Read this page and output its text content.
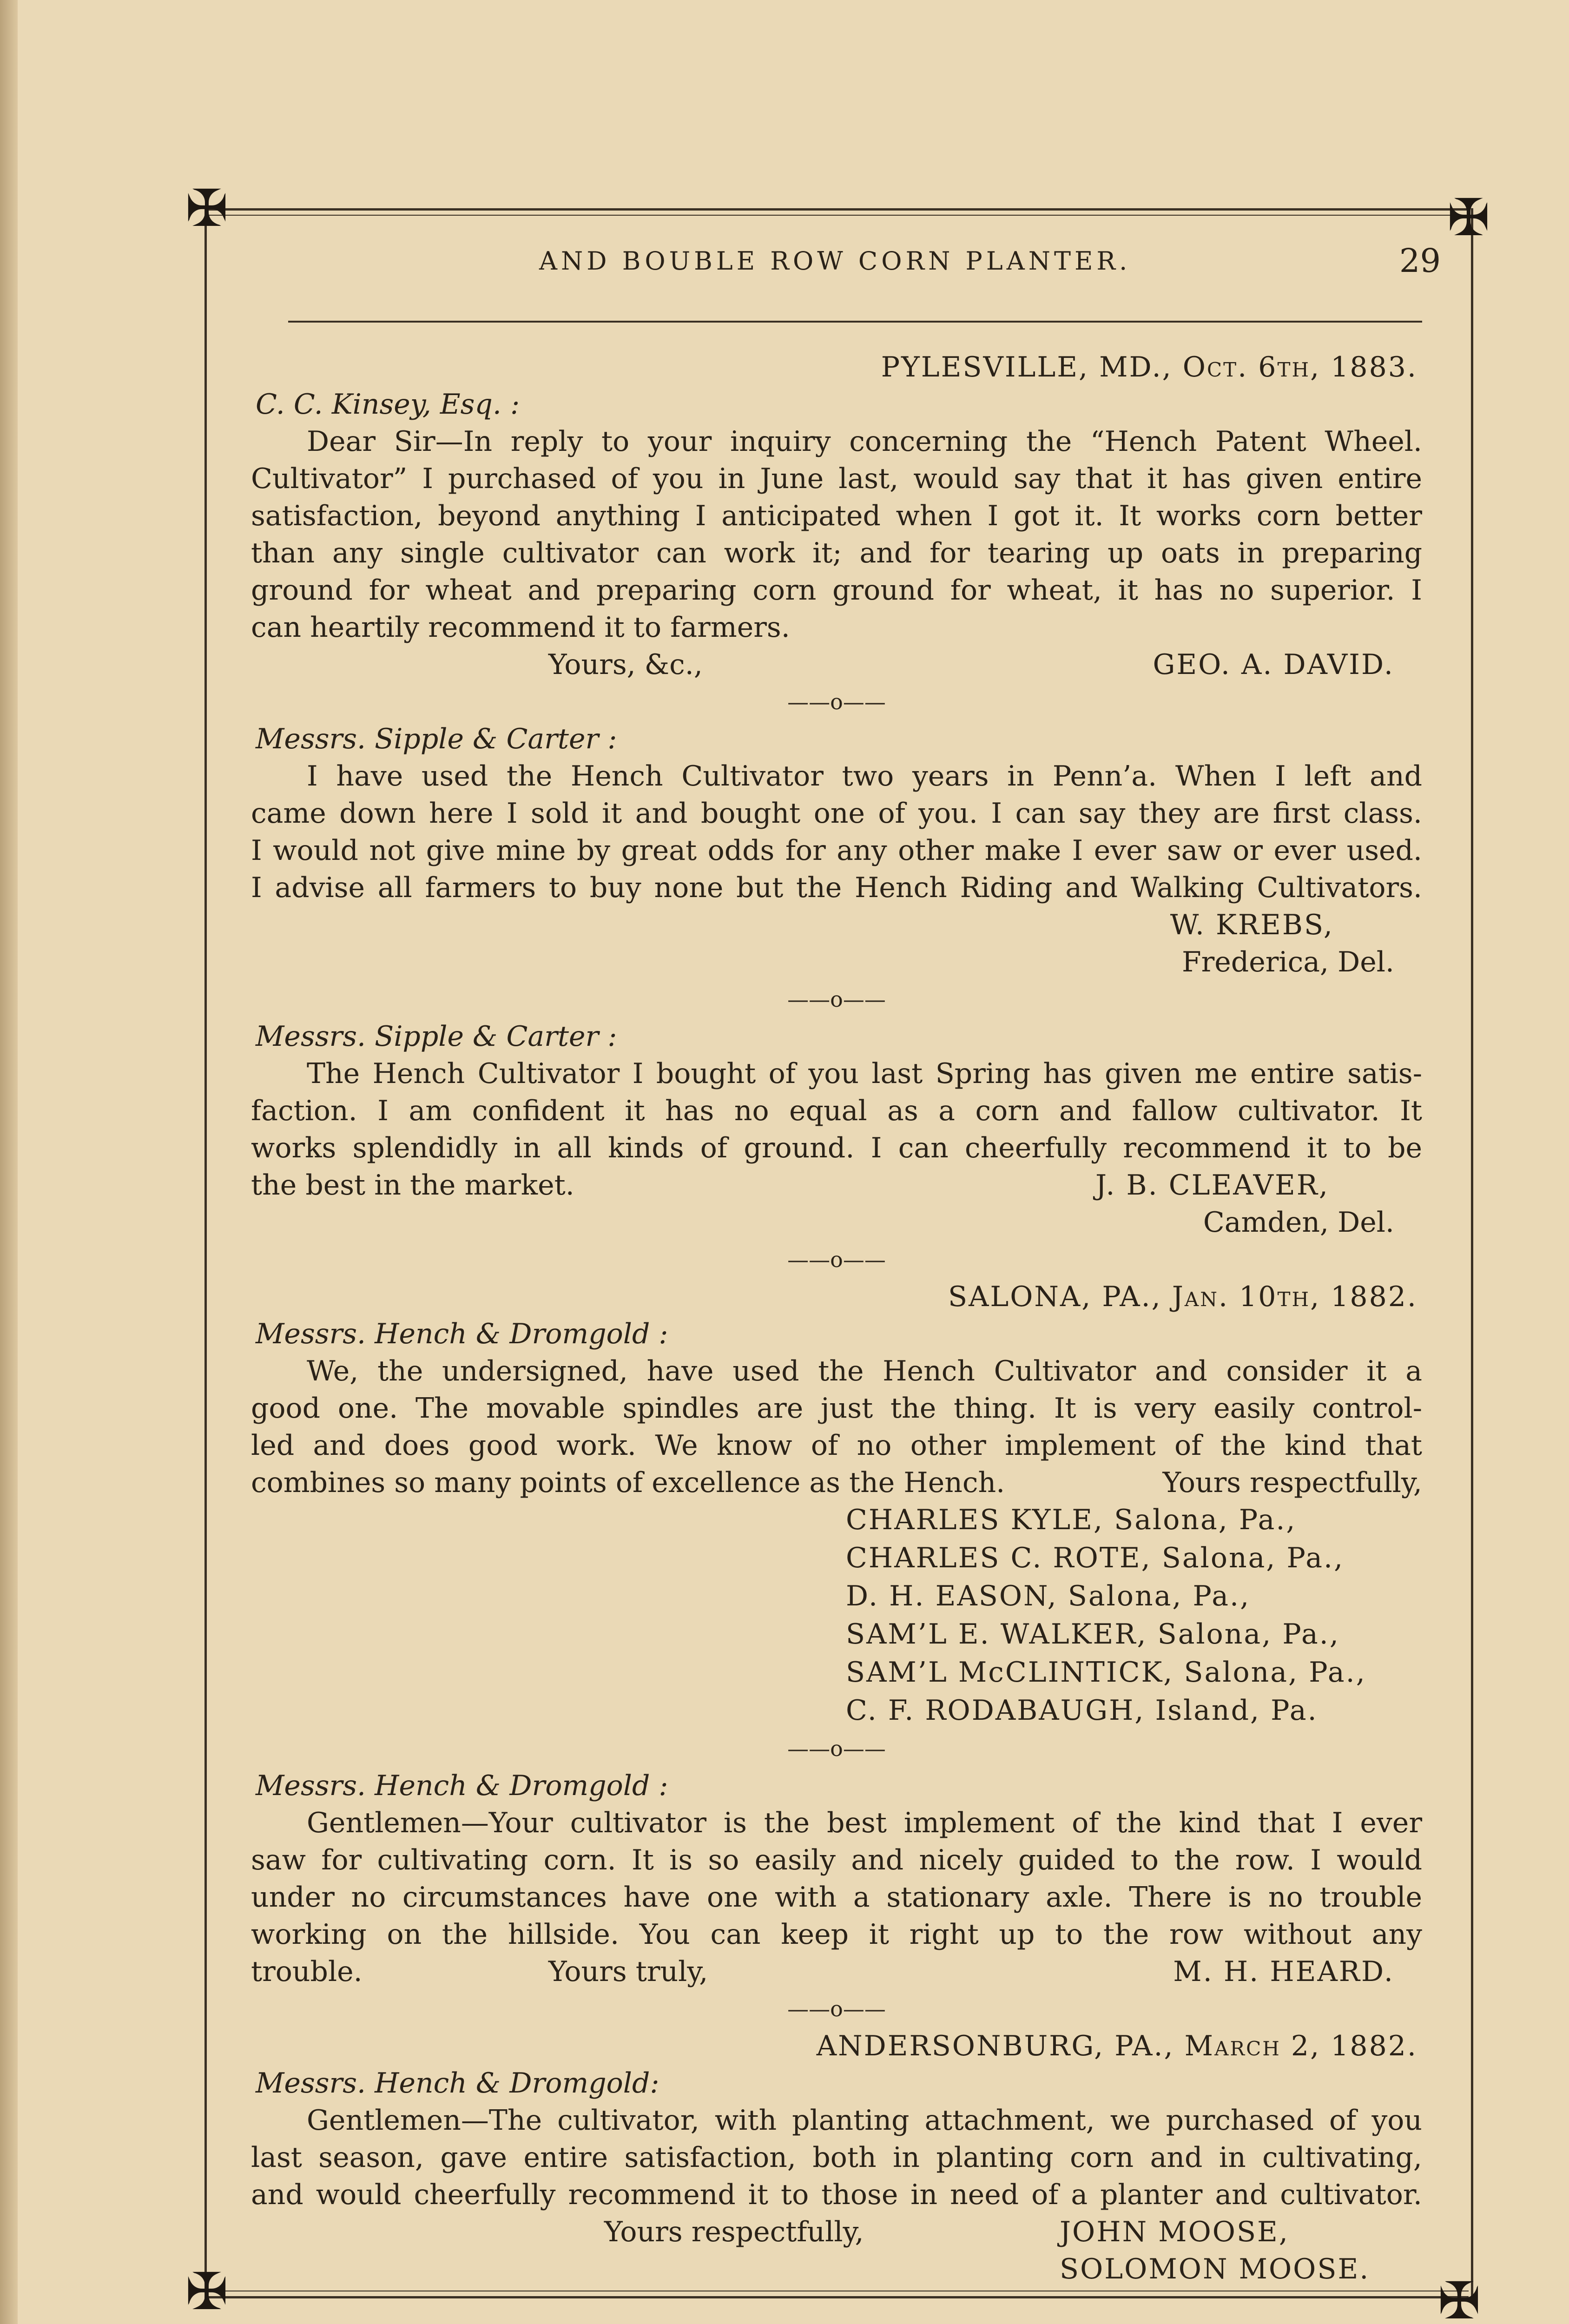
✠	✠
✠	✠
AND BOUBLE ROW CORN PLANTER.	29
PYLESVILLE, MD., Oct. 6th, 1883.
C. C. Kinsey, Esq. :
Dear Sir—In reply to your inquiry concerning the “Hench Patent Wheel.
Cultivator” I purchased of you in June last, would say that it has given entire
satisfaction, beyond anything I anticipated when I got it. It works corn better
than any single cultivator can work it; and for tearing up oats in preparing
ground for wheat and preparing corn ground for wheat, it has no superior. I
can heartily recommend it to farmers.
Yours, &c.,	GEO. A. DAVID.
——o——
Messrs. Sipple & Carter :
I have used the Hench Cultivator two years in Penn’a. When I left and
came down here I sold it and bought one of you. I can say they are first class.
I would not give mine by great odds for any other make I ever saw or ever used.
I advise all farmers to buy none but the Hench Riding and Walking Cultivators.
W. KREBS,
Frederica, Del.
——o——
Messrs. Sipple & Carter :
The Hench Cultivator I bought of you last Spring has given me entire satis-
faction. I am confident it has no equal as a corn and fallow cultivator. It
works splendidly in all kinds of ground. I can cheerfully recommend it to be
the best in the market.	J. B. CLEAVER,
Camden, Del.
——o——
SALONA, PA., Jan. 10th, 1882.
Messrs. Hench & Dromgold :
We, the undersigned, have used the Hench Cultivator and consider it a
good one. The movable spindles are just the thing. It is very easily control-
led and does good work. We know of no other implement of the kind that
combines so many points of excellence as the Hench.	Yours respectfully,
CHARLES KYLE, Salona, Pa.,
CHARLES C. ROTE, Salona, Pa.,
D. H. EASON, Salona, Pa.,
SAM’L E. WALKER, Salona, Pa.,
SAM’L McCLINTICK, Salona, Pa.,
C. F. RODABAUGH, Island, Pa.
——o——
Messrs. Hench & Dromgold :
Gentlemen—Your cultivator is the best implement of the kind that I ever
saw for cultivating corn. It is so easily and nicely guided to the row. I would
under no circumstances have one with a stationary axle. There is no trouble
working on the hillside. You can keep it right up to the row without any
trouble.	Yours truly,	M. H. HEARD.
——o——
ANDERSONBURG, PA., March 2, 1882.
Messrs. Hench & Dromgold:
Gentlemen—The cultivator, with planting attachment, we purchased of you
last season, gave entire satisfaction, both in planting corn and in cultivating,
and would cheerfully recommend it to those in need of a planter and cultivator.
Yours respectfully,	JOHN MOOSE,
SOLOMON MOOSE.
